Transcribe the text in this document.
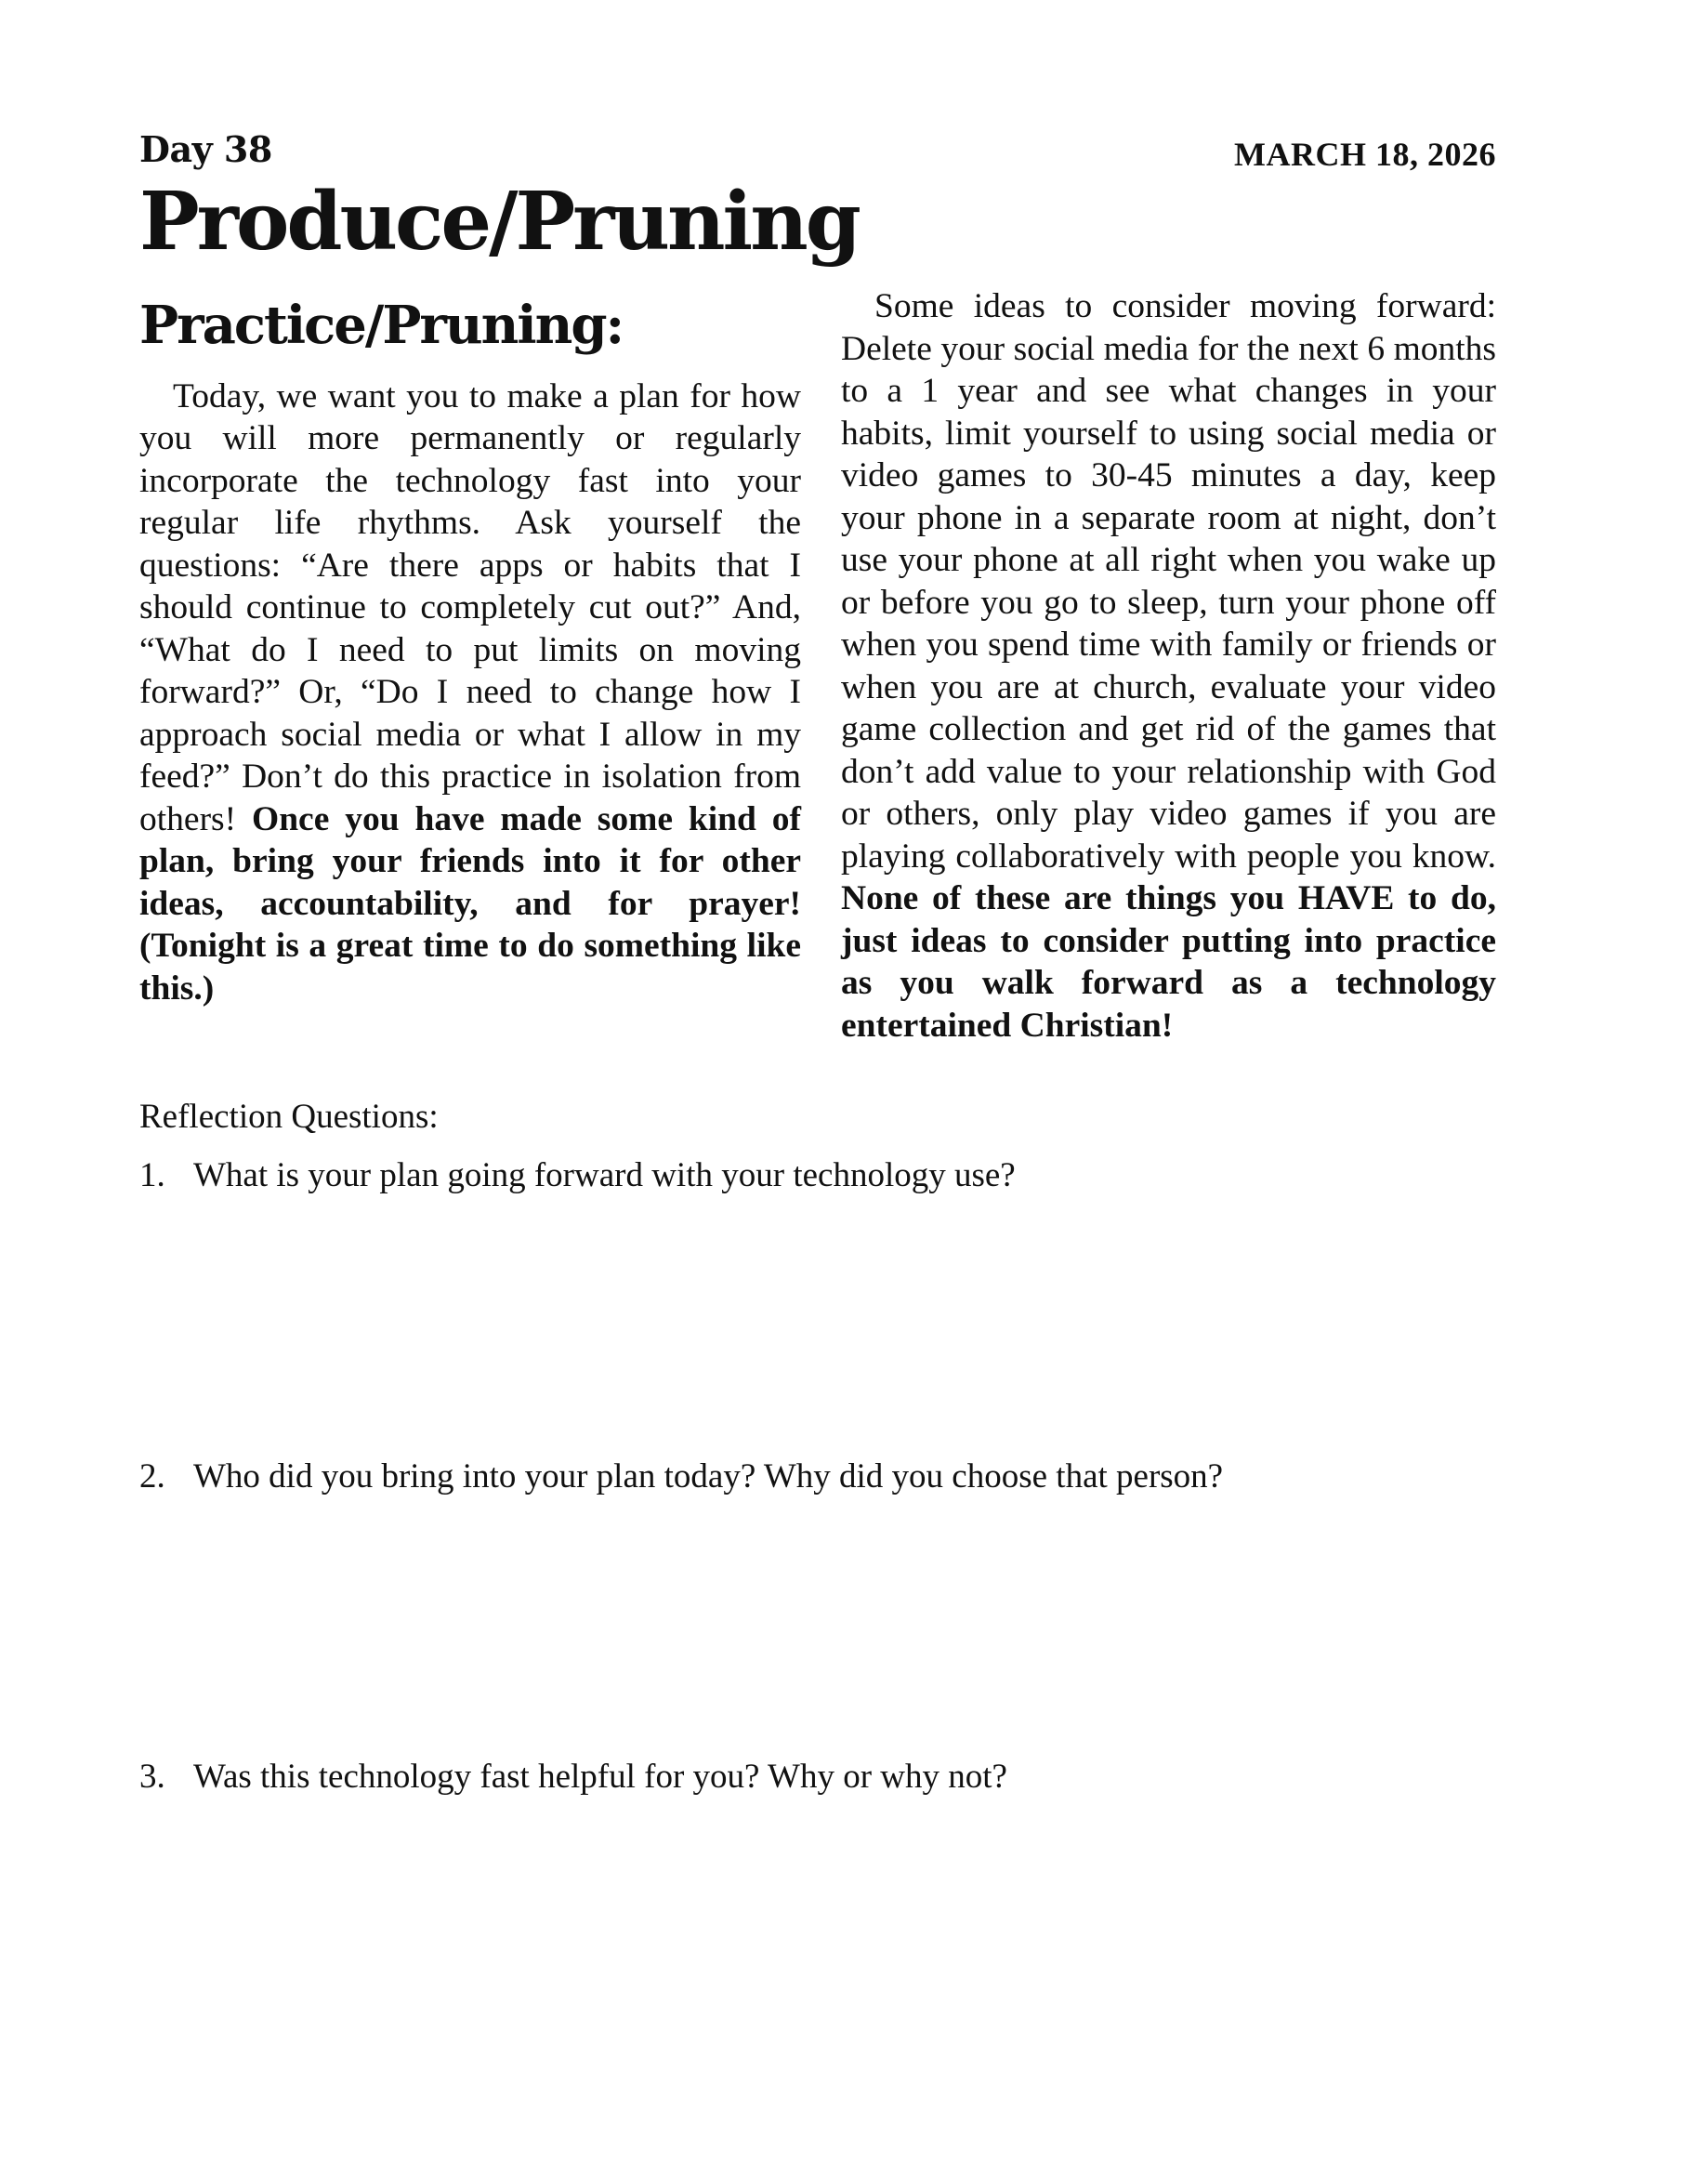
Day 38	MARCH 18, 2026
Produce/Pruning
Practice/Pruning:

Today, we want you to make a plan for how you will more permanently or regularly incorporate the technology fast into your regular life rhythms. Ask yourself the questions: “Are there apps or habits that I should continue to completely cut out?” And, “What do I need to put limits on moving forward?” Or, “Do I need to change how I approach social media or what I allow in my feed?” Don’t do this practice in isolation from others! Once you have made some kind of plan, bring your friends into it for other ideas, accountability, and for prayer! (Tonight is a great time to do something like this.)

Some ideas to consider moving forward: Delete your social media for the next 6 months to a 1 year and see what changes in your habits, limit yourself to using social media or video games to 30-45 minutes a day, keep your phone in a separate room at night, don’t use your phone at all right when you wake up or before you go to sleep, turn your phone off when you spend time with family or friends or when you are at church, evaluate your video game collection and get rid of the games that don’t add value to your relationship with God or others, only play video games if you are playing collaboratively with people you know. None of these are things you HAVE to do, just ideas to consider putting into practice as you walk forward as a technology entertained Christian!

Reflection Questions:

1. What is your plan going forward with your technology use?
2. Who did you bring into your plan today? Why did you choose that person?
3. Was this technology fast helpful for you? Why or why not?
